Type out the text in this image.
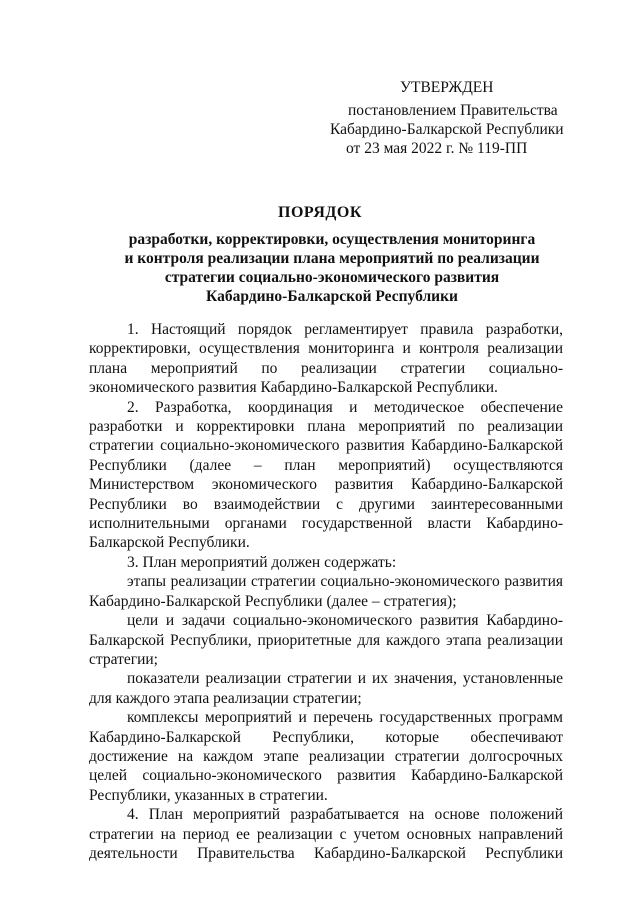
УТВЕРЖДЕН
постановлением Правительства
Кабардино-Балкарской Республики
от 23 мая 2022 г. № 119-ПП
ПОРЯДОК
разработки, корректировки, осуществления мониторинга
и контроля реализации плана мероприятий по реализации
стратегии социально-экономического развития
Кабардино-Балкарской Республики

1. Настоящий порядок регламентирует правила разработки, корректировки, осуществления мониторинга и контроля реализации плана мероприятий по реализации стратегии социально-экономического развития Кабардино-Балкарской Республики.

2. Разработка, координация и методическое обеспечение разработки и корректировки плана мероприятий по реализации стратегии социально-экономического развития Кабардино-Балкарской Республики (далее – план мероприятий) осуществляются Министерством экономического развития Кабардино-Балкарской Республики во взаимодействии с другими заинтересованными исполнительными органами государственной власти Кабардино-Балкарской Республики.

3. План мероприятий должен содержать:

этапы реализации стратегии социально-экономического развития Кабардино-Балкарской Республики (далее – стратегия);

цели и задачи социально-экономического развития Кабардино-Балкарской Республики, приоритетные для каждого этапа реализации стратегии;

показатели реализации стратегии и их значения, установленные для каждого этапа реализации стратегии;

комплексы мероприятий и перечень государственных программ Кабардино-Балкарской Республики, которые обеспечивают достижение на каждом этапе реализации стратегии долгосрочных целей социально-экономического развития Кабардино-Балкарской Республики, указанных в стратегии.

4. План мероприятий разрабатывается на основе положений стратегии на период ее реализации с учетом основных направлений деятельности Правительства Кабардино-Балкарской Республики
